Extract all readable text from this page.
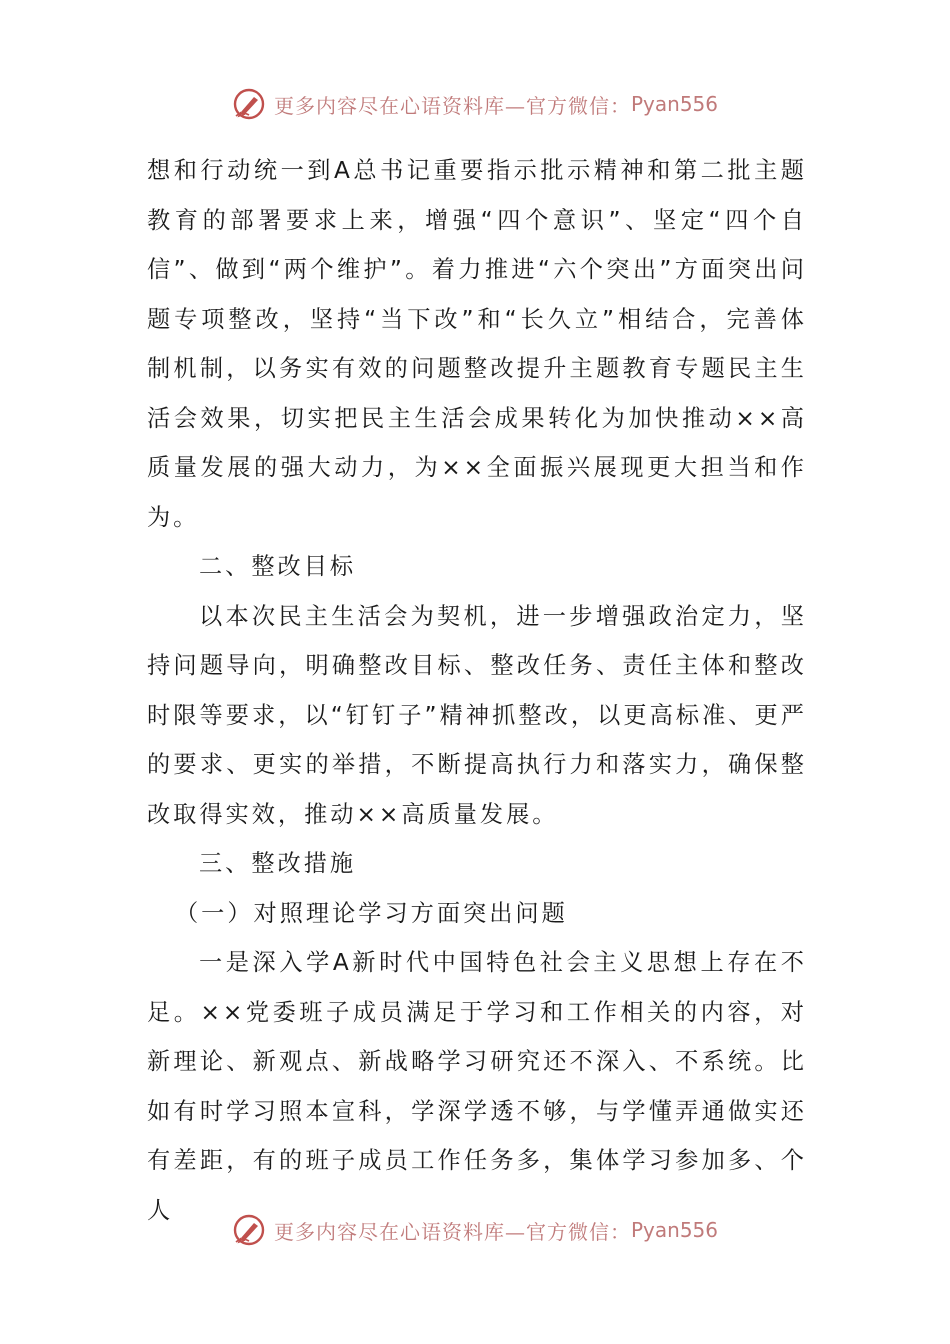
更多内容尽在心语资料库—官方微信： Pyan556

想和行动统一到A总书记重要指示批示精神和第二批主题教育的部署要求上来，增强“四个意识”、坚定“四个自信”、做到“两个维护”。着力推进“六个突出”方面突出问题专项整改，坚持“当下改”和“长久立”相结合，完善体制机制，以务实有效的问题整改提升主题教育专题民主生活会效果，切实把民主生活会成果转化为加快推动××高质量发展的强大动力，为××全面振兴展现更大担当和作为。

二、整改目标

以本次民主生活会为契机，进一步增强政治定力，坚持问题导向，明确整改目标、整改任务、责任主体和整改时限等要求，以“钉钉子”精神抓整改，以更高标准、更严的要求、更实的举措，不断提高执行力和落实力，确保整改取得实效，推动××高质量发展。

三、整改措施

（一）对照理论学习方面突出问题

一是深入学A新时代中国特色社会主义思想上存在不足。××党委班子成员满足于学习和工作相关的内容，对新理论、新观点、新战略学习研究还不深入、不系统。比如有时学习照本宣科，学深学透不够，与学懂弄通做实还有差距，有的班子成员工作任务多，集体学习参加多、个人

更多内容尽在心语资料库—官方微信： Pyan556
